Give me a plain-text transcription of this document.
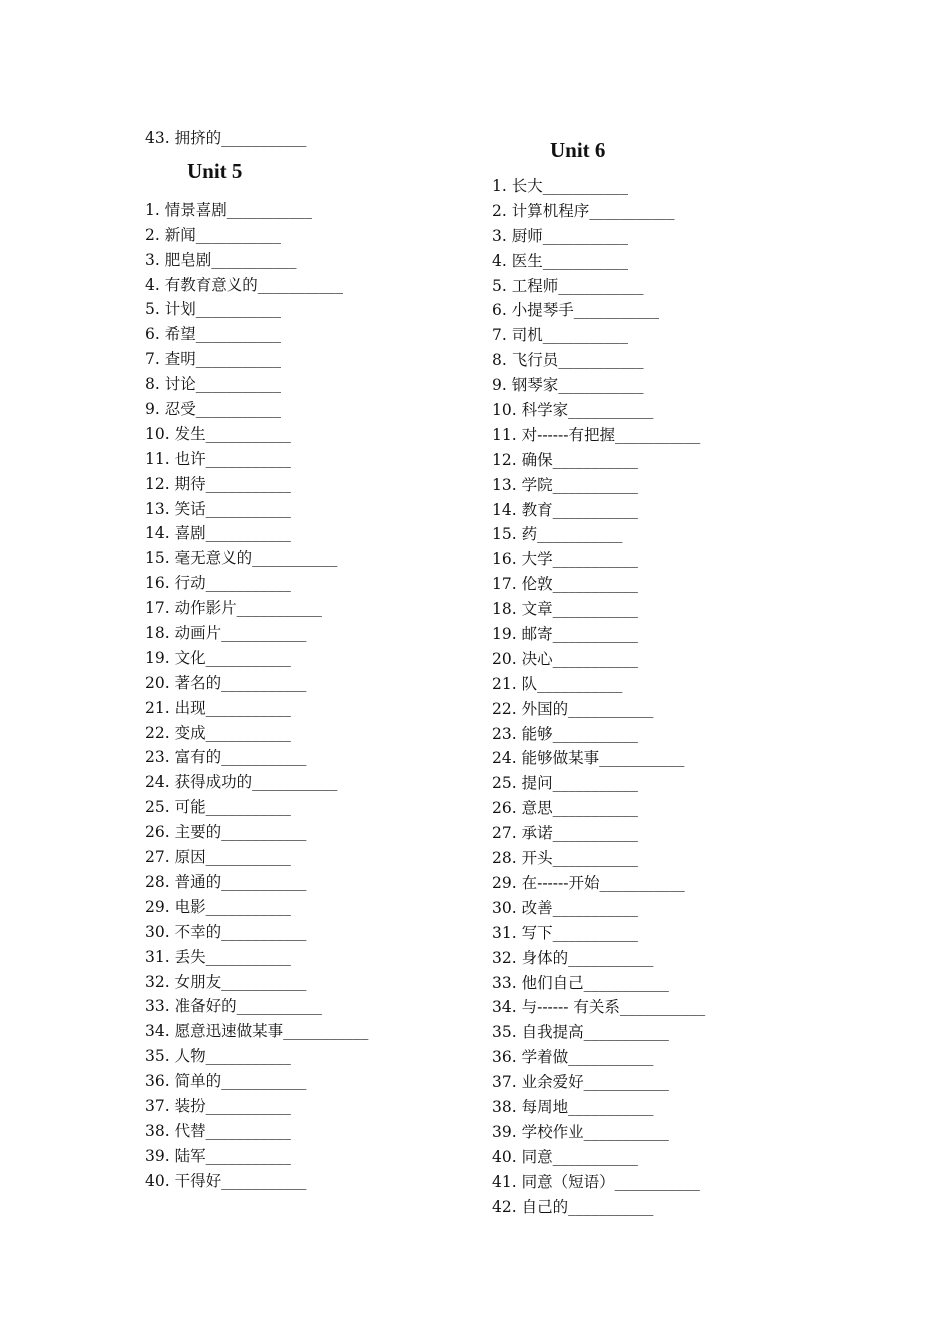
43. 拥挤的___________
Unit 5
1. 情景喜剧___________
2. 新闻___________
3. 肥皂剧___________
4. 有教育意义的___________
5. 计划___________
6. 希望___________
7. 查明___________
8. 讨论___________
9. 忍受___________
10. 发生___________
11. 也许___________
12. 期待___________
13. 笑话___________
14. 喜剧___________
15. 毫无意义的___________
16. 行动___________
17. 动作影片___________
18. 动画片___________
19. 文化___________
20. 著名的___________
21. 出现___________
22. 变成___________
23. 富有的___________
24. 获得成功的___________
25. 可能___________
26. 主要的___________
27. 原因___________
28. 普通的___________
29. 电影___________
30. 不幸的___________
31. 丢失___________
32. 女朋友___________
33. 准备好的___________
34. 愿意迅速做某事___________
35. 人物___________
36. 简单的___________
37. 装扮___________
38. 代替___________
39. 陆军___________
40. 干得好___________
Unit 6
1. 长大___________
2. 计算机程序___________
3. 厨师___________
4. 医生___________
5. 工程师___________
6. 小提琴手___________
7. 司机___________
8. 飞行员___________
9. 钢琴家___________
10. 科学家___________
11. 对------有把握___________
12. 确保___________
13. 学院___________
14. 教育___________
15. 药___________
16. 大学___________
17. 伦敦___________
18. 文章___________
19. 邮寄___________
20. 决心___________
21. 队___________
22. 外国的___________
23. 能够___________
24. 能够做某事___________
25. 提问___________
26. 意思___________
27. 承诺___________
28. 开头___________
29. 在------开始___________
30. 改善___________
31. 写下___________
32. 身体的___________
33. 他们自己___________
34. 与------ 有关系___________
35. 自我提高___________
36. 学着做___________
37. 业余爱好___________
38. 每周地___________
39. 学校作业___________
40. 同意___________
41. 同意（短语）___________
42. 自己的___________
